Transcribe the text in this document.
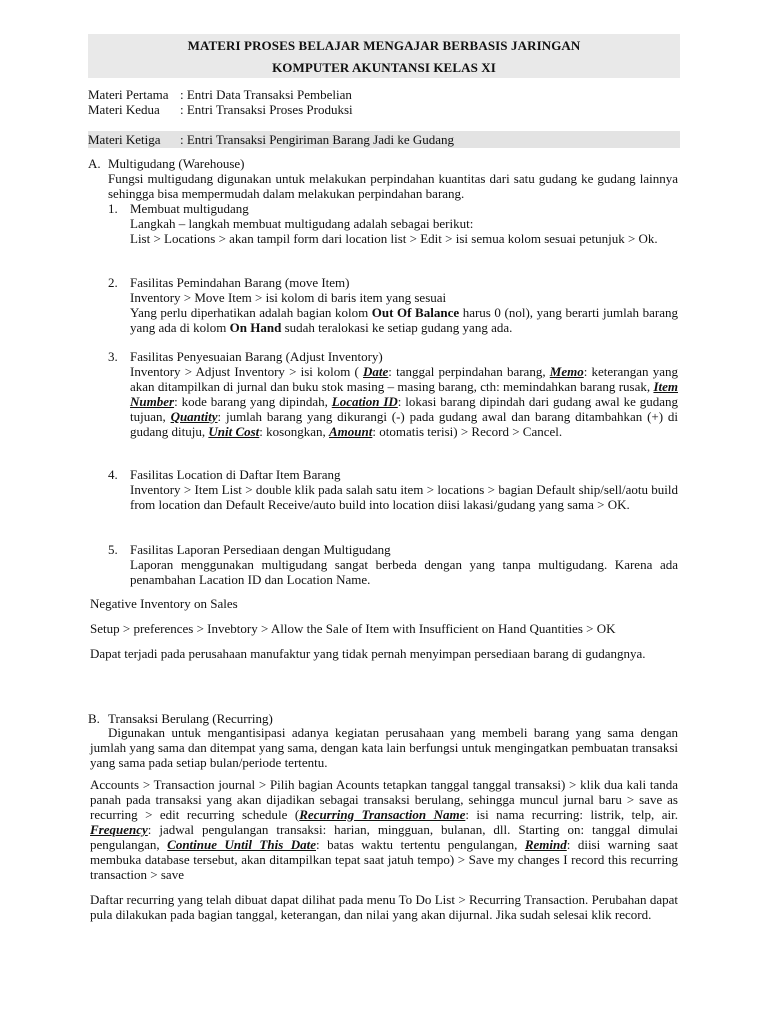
MATERI PROSES BELAJAR MENGAJAR BERBASIS JARINGAN
KOMPUTER AKUNTANSI KELAS XI
Materi Pertama : Entri Data Transaksi Pembelian
Materi Kedua	: Entri Transaksi Proses Produksi
Materi Ketiga	: Entri Transaksi Pengiriman Barang Jadi ke Gudang
A. Multigudang (Warehouse)
Fungsi multigudang digunakan untuk melakukan perpindahan kuantitas dari satu gudang ke gudang lainnya sehingga bisa mempermudah dalam melakukan perpindahan barang.
1. Membuat multigudang
Langkah – langkah membuat multigudang adalah sebagai berikut:
List > Locations > akan tampil form dari location list > Edit > isi semua kolom sesuai petunjuk > Ok.
2. Fasilitas Pemindahan Barang (move Item)
Inventory > Move Item > isi kolom di baris item yang sesuai
Yang perlu diperhatikan adalah bagian kolom Out Of Balance harus 0 (nol), yang berarti jumlah barang yang ada di kolom On Hand sudah teralokasi ke setiap gudang yang ada.
3. Fasilitas Penyesuaian Barang (Adjust Inventory)
Inventory > Adjust Inventory > isi kolom ( Date: tanggal perpindahan barang, Memo: keterangan yang akan ditampilkan di jurnal dan buku stok masing – masing barang, cth: memindahkan barang rusak, Item Number: kode barang yang dipindah, Location ID: lokasi barang dipindah dari gudang awal ke gudang tujuan, Quantity: jumlah barang yang dikurangi (-) pada gudang awal dan barang ditambahkan (+) di gudang dituju, Unit Cost: kosongkan, Amount: otomatis terisi) > Record > Cancel.
4. Fasilitas Location di Daftar Item Barang
Inventory > Item List > double klik pada salah satu item > locations > bagian Default ship/sell/aotu build from location dan Default Receive/auto build into location diisi lakasi/gudang yang sama > OK.
5. Fasilitas Laporan Persediaan dengan Multigudang
Laporan menggunakan multigudang sangat berbeda dengan yang tanpa multigudang. Karena ada penambahan Lacation ID dan Location Name.
Negative Inventory on Sales
Setup > preferences > Invebtory > Allow the Sale of Item with Insufficient on Hand Quantities > OK
Dapat terjadi pada perusahaan manufaktur yang tidak pernah menyimpan persediaan barang di gudangnya.
B. Transaksi Berulang (Recurring)
Digunakan untuk mengantisipasi adanya kegiatan perusahaan yang membeli barang yang sama dengan jumlah yang sama dan ditempat yang sama, dengan kata lain berfungsi untuk mengingatkan pembuatan transaksi yang sama pada setiap bulan/periode tertentu.
Accounts > Transaction journal > Pilih bagian Acounts tetapkan tanggal tanggal transaksi) > klik dua kali tanda panah pada transaksi yang akan dijadikan sebagai transaksi berulang, sehingga muncul jurnal baru > save as recurring > edit recurring schedule (Recurring Transaction Name: isi nama recurring: listrik, telp, air. Frequency: jadwal pengulangan transaksi: harian, mingguan, bulanan, dll. Starting on: tanggal dimulai pengulangan, Continue Until This Date: batas waktu tertentu pengulangan, Remind: diisi warning saat membuka database tersebut, akan ditampilkan tepat saat jatuh tempo) > Save my changes I record this recurring transaction > save
Daftar recurring yang telah dibuat dapat dilihat pada menu To Do List > Recurring Transaction. Perubahan dapat pula dilakukan pada bagian tanggal, keterangan, dan nilai yang akan dijurnal. Jika sudah selesai klik record.
